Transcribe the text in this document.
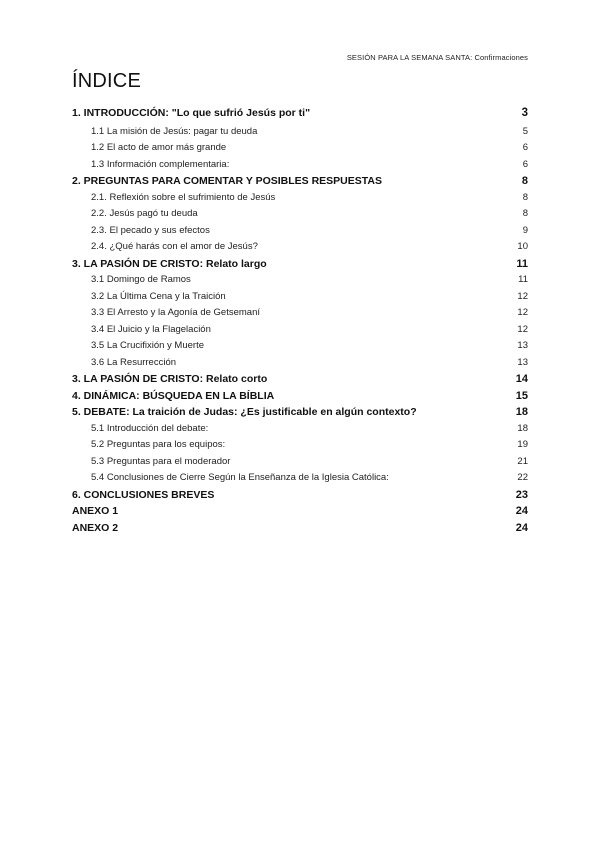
SESIÓN PARA LA SEMANA SANTA: Confirmaciones
ÍNDICE
1. INTRODUCCIÓN: "Lo que sufrió Jesús por ti"	3
1.1 La misión de Jesús: pagar tu deuda	5
1.2 El acto de amor más grande	6
1.3 Información complementaria:	6
2. PREGUNTAS PARA COMENTAR Y POSIBLES RESPUESTAS	8
2.1. Reflexión sobre el sufrimiento de Jesús	8
2.2. Jesús pagó tu deuda	8
2.3. El pecado y sus efectos	9
2.4. ¿Qué harás con el amor de Jesús?	10
3. LA PASIÓN DE CRISTO: Relato largo	11
3.1 Domingo de Ramos	11
3.2 La Última Cena y la Traición	12
3.3 El Arresto y la Agonía de Getsemaní	12
3.4 El Juicio y la Flagelación	12
3.5 La Crucifixión y Muerte	13
3.6 La Resurrección	13
3. LA PASIÓN DE CRISTO: Relato corto	14
4. DINÁMICA: BÚSQUEDA EN LA BÍBLIA	15
5. DEBATE: La traición de Judas: ¿Es justificable en algún contexto?	18
5.1 Introducción del debate:	18
5.2 Preguntas para los equipos:	19
5.3 Preguntas para el moderador	21
5.4 Conclusiones de Cierre Según la Enseñanza de la Iglesia Católica:	22
6. CONCLUSIONES BREVES	23
ANEXO 1	24
ANEXO 2	24
